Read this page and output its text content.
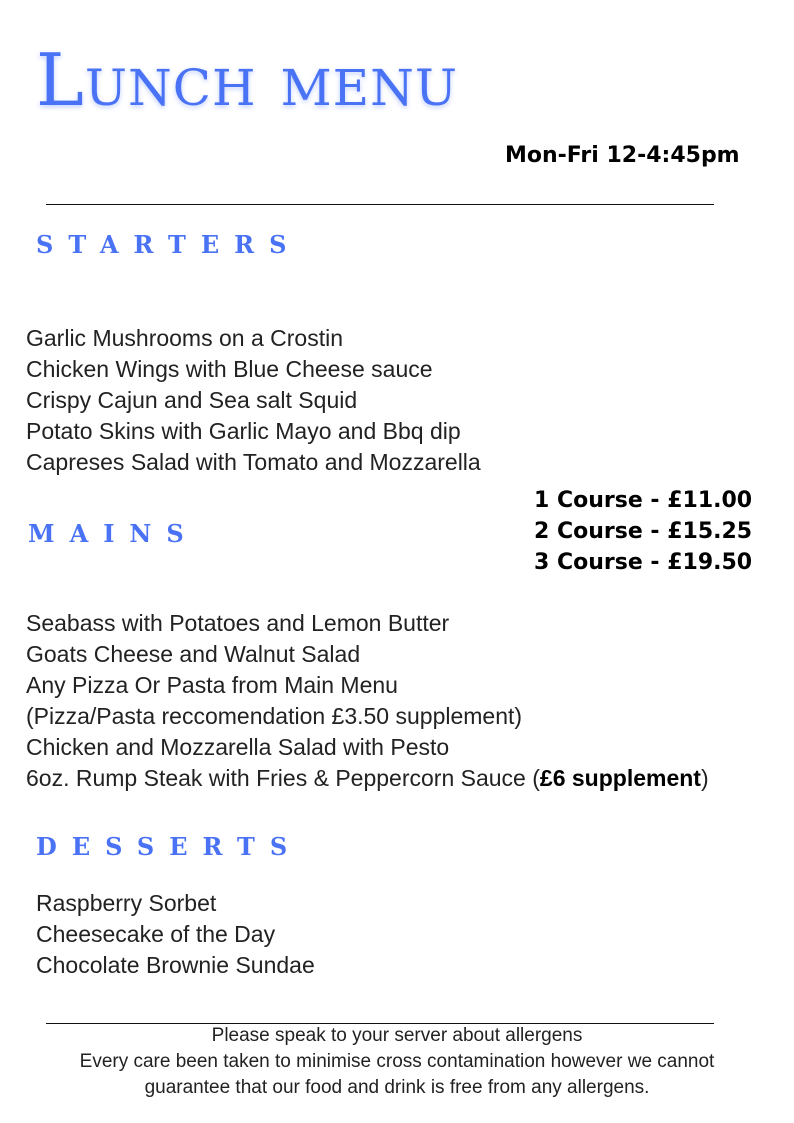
Lunch menu
Mon-Fri 12-4:45pm
STARTERS
Garlic Mushrooms on a Crostin
Chicken Wings with Blue Cheese sauce
Crispy Cajun and Sea salt Squid
Potato Skins with Garlic Mayo and Bbq dip
Capreses Salad with Tomato and Mozzarella
1 Course - £11.00
2 Course - £15.25
3 Course - £19.50
MAINS
Seabass with Potatoes and Lemon Butter
Goats Cheese and Walnut Salad
Any Pizza Or Pasta from Main Menu
(Pizza/Pasta reccomendation £3.50 supplement)
Chicken and Mozzarella Salad with Pesto
6oz. Rump Steak with Fries & Peppercorn Sauce (£6 supplement)
DESSERTS
Raspberry Sorbet
Cheesecake of the Day
Chocolate Brownie Sundae
Please speak to your server about allergens
Every care been taken to minimise cross contamination however we cannot
guarantee that our food and drink is free from any allergens.
